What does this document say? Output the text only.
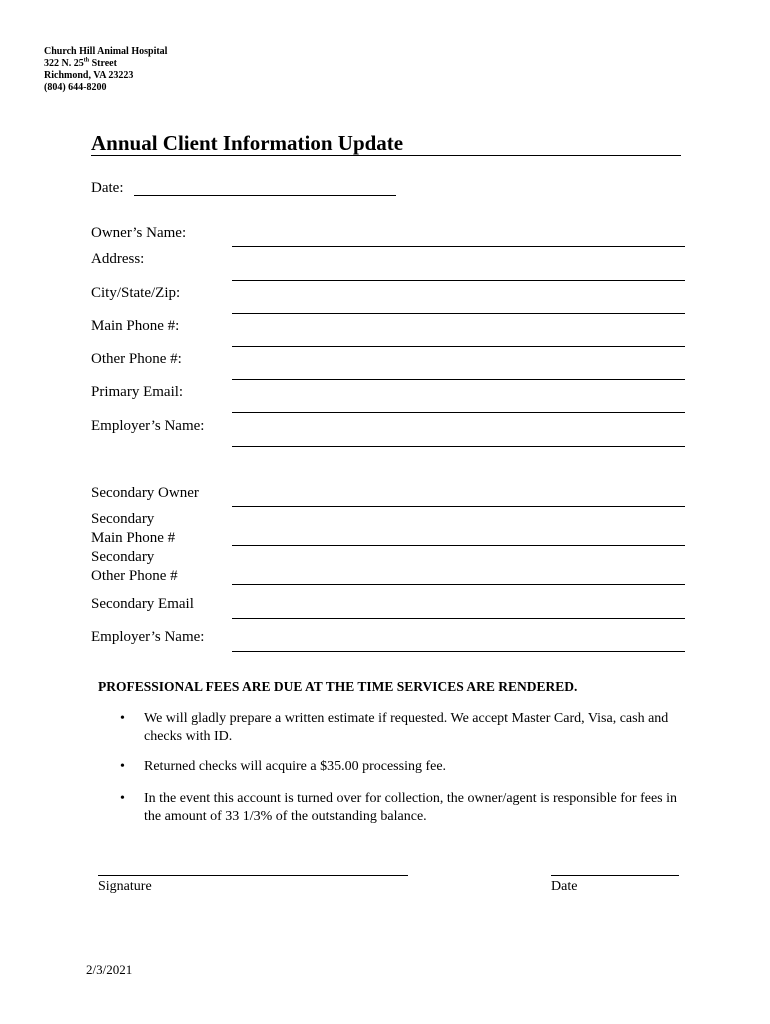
Church Hill Animal Hospital
322 N. 25th Street
Richmond, VA 23223
(804) 644-8200
Annual Client Information Update
Date:
Owner’s Name:
Address:
City/State/Zip:
Main Phone #:
Other Phone #:
Primary Email:
Employer’s Name:
Secondary Owner
Secondary
Main Phone #
Secondary
Other Phone #
Secondary Email
Employer’s Name:
PROFESSIONAL FEES ARE DUE AT THE TIME SERVICES ARE RENDERED.
• We will gladly prepare a written estimate if requested. We accept Master Card, Visa, cash and checks with ID.
• Returned checks will acquire a $35.00 processing fee.
• In the event this account is turned over for collection, the owner/agent is responsible for fees in the amount of 33 1/3% of the outstanding balance.
Signature	Date
2/3/2021
